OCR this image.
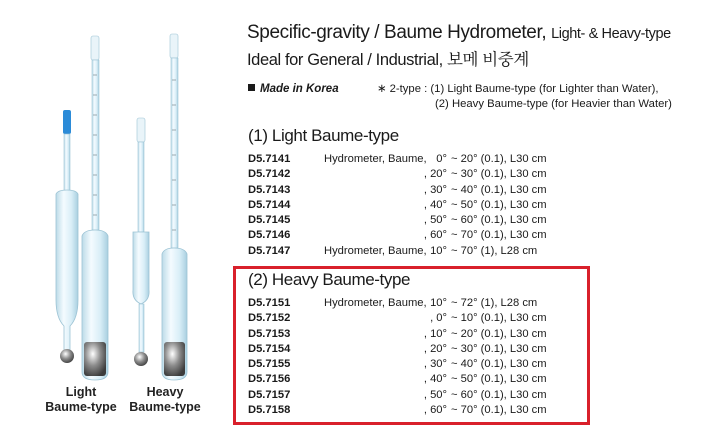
Light
Baume-type
Heavy
Baume-type
Specific-gravity / Baume Hydrometer, Light- & Heavy-type
Ideal for General / Industrial, 보메 비중계
Made in Korea	∗ 2-type : (1) Light Baume-type (for Lighter than Water),
(2) Heavy Baume-type (for Heavier than Water)
(1) Light Baume-type
D5.7141	Hydrometer, Baume, 0° ~ 20° (0.1), L30 cm
D5.7142	, 20° ~ 30° (0.1), L30 cm
D5.7143	, 30° ~ 40° (0.1), L30 cm
D5.7144	, 40° ~ 50° (0.1), L30 cm
D5.7145	, 50° ~ 60° (0.1), L30 cm
D5.7146	, 60° ~ 70° (0.1), L30 cm
D5.7147	Hydrometer, Baume, 10° ~ 70° (1), L28 cm
(2) Heavy Baume-type
D5.7151	Hydrometer, Baume, 10° ~ 72° (1), L28 cm
D5.7152	, 0° ~ 10° (0.1), L30 cm
D5.7153	, 10° ~ 20° (0.1), L30 cm
D5.7154	, 20° ~ 30° (0.1), L30 cm
D5.7155	, 30° ~ 40° (0.1), L30 cm
D5.7156	, 40° ~ 50° (0.1), L30 cm
D5.7157	, 50° ~ 60° (0.1), L30 cm
D5.7158	, 60° ~ 70° (0.1), L30 cm
